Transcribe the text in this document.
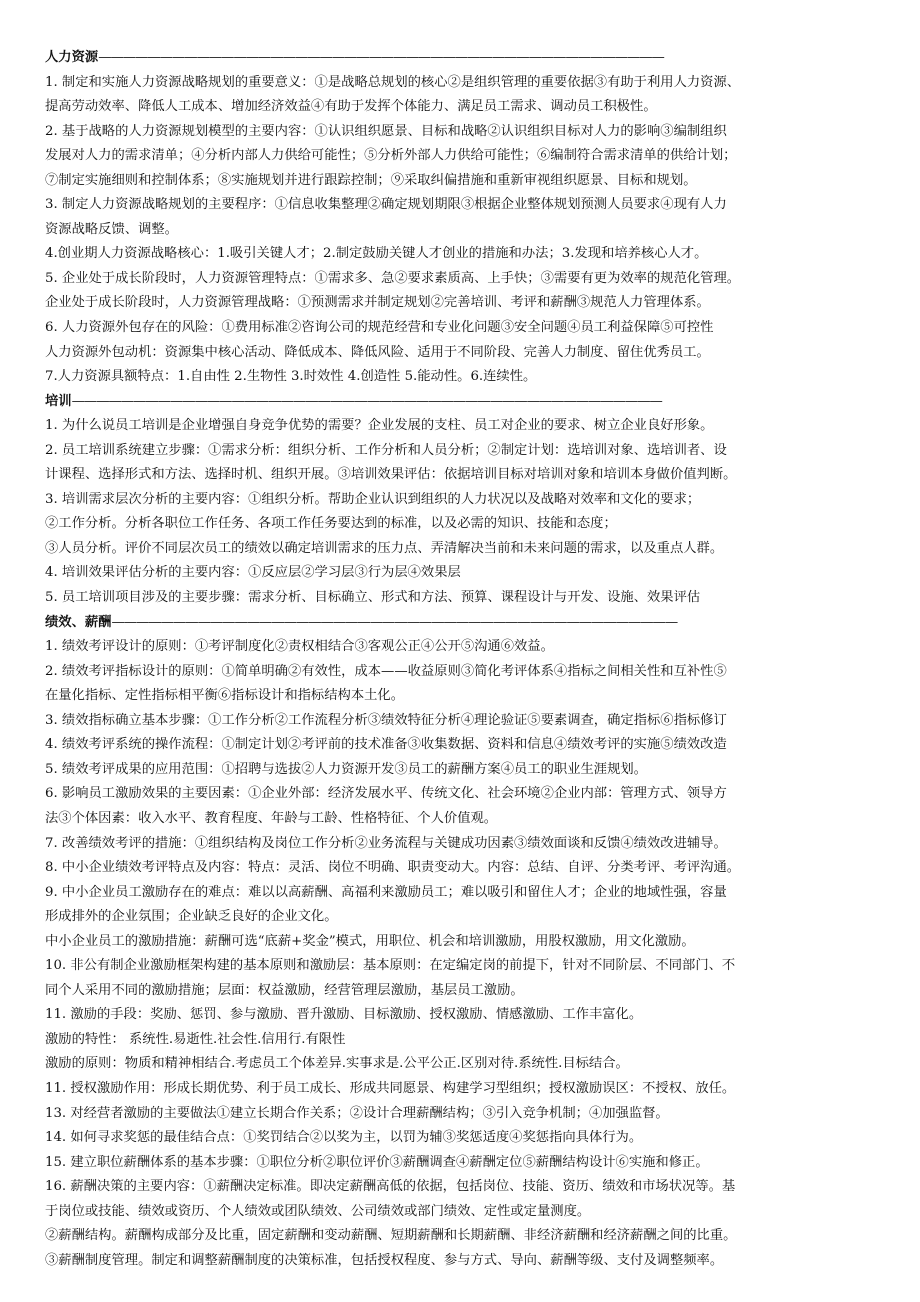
人力资源——————————————————————————————————————————————
1. 制定和实施人力资源战略规划的重要意义：①是战略总规划的核心②是组织管理的重要依据③有助于利用人力资源、
提高劳动效率、降低人工成本、增加经济效益④有助于发挥个体能力、满足员工需求、调动员工积极性。
2. 基于战略的人力资源规划模型的主要内容：①认识组织愿景、目标和战略②认识组织目标对人力的影响③编制组织
发展对人力的需求清单；④分析内部人力供给可能性；⑤分析外部人力供给可能性；⑥编制符合需求清单的供给计划；
⑦制定实施细则和控制体系；⑧实施规划并进行跟踪控制；⑨采取纠偏措施和重新审视组织愿景、目标和规划。
3. 制定人力资源战略规划的主要程序：①信息收集整理②确定规划期限③根据企业整体规划预测人员要求④现有人力
资源战略反馈、调整。
4.创业期人力资源战略核心：1.吸引关键人才；2.制定鼓励关键人才创业的措施和办法；3.发现和培养核心人才。
5. 企业处于成长阶段时，人力资源管理特点：①需求多、急②要求素质高、上手快；③需要有更为效率的规范化管理。
企业处于成长阶段时，人力资源管理战略：①预测需求并制定规划②完善培训、考评和薪酬③规范人力管理体系。
6. 人力资源外包存在的风险：①费用标准②咨询公司的规范经营和专业化问题③安全问题④员工利益保障⑤可控性
人力资源外包动机：资源集中核心活动、降低成本、降低风险、适用于不同阶段、完善人力制度、留住优秀员工。
7.人力资源具额特点：1.自由性 2.生物性 3.时效性 4.创造性 5.能动性。6.连续性。
培训————————————————————————————————————————————————
1. 为什么说员工培训是企业增强自身竞争优势的需要？企业发展的支柱、员工对企业的要求、树立企业良好形象。
2. 员工培训系统建立步骤：①需求分析：组织分析、工作分析和人员分析；②制定计划：选培训对象、选培训者、设
计课程、选择形式和方法、选择时机、组织开展。③培训效果评估：依据培训目标对培训对象和培训本身做价值判断。
3. 培训需求层次分析的主要内容：①组织分析。帮助企业认识到组织的人力状况以及战略对效率和文化的要求；
②工作分析。分析各职位工作任务、各项工作任务要达到的标准，以及必需的知识、技能和态度；
③人员分析。评价不同层次员工的绩效以确定培训需求的压力点、弄清解决当前和未来问题的需求，以及重点人群。
4. 培训效果评估分析的主要内容：①反应层②学习层③行为层④效果层
5. 员工培训项目涉及的主要步骤：需求分析、目标确立、形式和方法、预算、课程设计与开发、设施、效果评估
绩效、薪酬——————————————————————————————————————————————
1. 绩效考评设计的原则：①考评制度化②责权相结合③客观公正④公开⑤沟通⑥效益。
2. 绩效考评指标设计的原则：①简单明确②有效性，成本——收益原则③简化考评体系④指标之间相关性和互补性⑤
在量化指标、定性指标相平衡⑥指标设计和指标结构本土化。
3. 绩效指标确立基本步骤：①工作分析②工作流程分析③绩效特征分析④理论验证⑤要素调查，确定指标⑥指标修订
4. 绩效考评系统的操作流程：①制定计划②考评前的技术准备③收集数据、资料和信息④绩效考评的实施⑤绩效改造
5. 绩效考评成果的应用范围：①招聘与选拔②人力资源开发③员工的薪酬方案④员工的职业生涯规划。
6. 影响员工激励效果的主要因素：①企业外部：经济发展水平、传统文化、社会环境②企业内部：管理方式、领导方
法③个体因素：收入水平、教育程度、年龄与工龄、性格特征、个人价值观。
7. 改善绩效考评的措施：①组织结构及岗位工作分析②业务流程与关键成功因素③绩效面谈和反馈④绩效改进辅导。
8. 中小企业绩效考评特点及内容：特点：灵活、岗位不明确、职责变动大。内容：总结、自评、分类考评、考评沟通。
9. 中小企业员工激励存在的难点：难以以高薪酬、高福利来激励员工；难以吸引和留住人才；企业的地域性强，容量
形成排外的企业氛围；企业缺乏良好的企业文化。
中小企业员工的激励措施：薪酬可选“底薪+奖金”模式，用职位、机会和培训激励，用股权激励，用文化激励。
10. 非公有制企业激励框架构建的基本原则和激励层：基本原则：在定编定岗的前提下，针对不同阶层、不同部门、不
同个人采用不同的激励措施；层面：权益激励，经营管理层激励，基层员工激励。
11. 激励的手段：奖励、惩罚、参与激励、晋升激励、目标激励、授权激励、情感激励、工作丰富化。
激励的特性： 系统性.易逝性.社会性.信用行.有限性
激励的原则：物质和精神相结合.考虑员工个体差异.实事求是.公平公正.区别对待.系统性.目标结合。
11. 授权激励作用：形成长期优势、利于员工成长、形成共同愿景、构建学习型组织；授权激励误区：不授权、放任。
13. 对经营者激励的主要做法①建立长期合作关系；②设计合理薪酬结构；③引入竞争机制；④加强监督。
14. 如何寻求奖惩的最佳结合点：①奖罚结合②以奖为主，以罚为辅③奖惩适度④奖惩指向具体行为。
15. 建立职位薪酬体系的基本步骤：①职位分析②职位评价③薪酬调查④薪酬定位⑤薪酬结构设计⑥实施和修正。
16. 薪酬决策的主要内容：①薪酬决定标准。即决定薪酬高低的依据，包括岗位、技能、资历、绩效和市场状况等。基
于岗位或技能、绩效或资历、个人绩效或团队绩效、公司绩效或部门绩效、定性或定量测度。
②薪酬结构。薪酬构成部分及比重，固定薪酬和变动薪酬、短期薪酬和长期薪酬、非经济薪酬和经济薪酬之间的比重。
③薪酬制度管理。制定和调整薪酬制度的决策标准，包括授权程度、参与方式、导向、薪酬等级、支付及调整频率。
